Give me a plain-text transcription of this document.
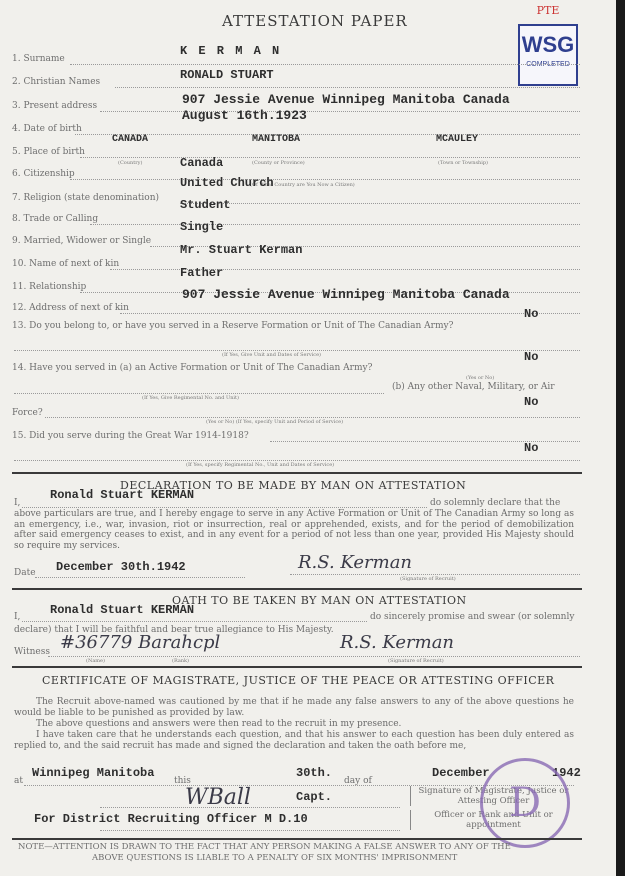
ATTESTATION PAPER
PTE
WSG
COMPLETED
1. Surname
K E R M A N
2. Christian Names	RONALD STUART
3. Present address	907 Jessie Avenue Winnipeg Manitoba Canada
4. Date of birth
August 16th.1923
5. Place of birth
CANADA	MANITOBA	MCAULEY
(Country)	(County or Province)	(Town or Township)
6. Citizenship
Canada
(Of What Country are You Now a Citizen)
7. Religion (state denomination)
United Church
8. Trade or Calling
Student
9. Married, Widower or Single
Single
10. Name of next of kin
Mr. Stuart Kerman
11. Relationship
Father
12. Address of next of kin
907 Jessie Avenue Winnipeg Manitoba Canada
13. Do you belong to, or have you served in a Reserve Formation or Unit of The Canadian Army?
No
(If Yes, Give Unit and Dates of Service)
14. Have you served in (a) an Active Formation or Unit of The Canadian Army?
No
(Yes or No)
(b) Any other Naval, Military, or Air
(If Yes, Give Regimental No. and Unit)	No
Force?
(Yes or No) (If Yes, specify Unit and Period of Service)
15. Did you serve during the Great War 1914-1918?
No
(If Yes, specify Regimental No., Unit and Dates of Service)
DECLARATION TO BE MADE BY MAN ON ATTESTATION
I,
Ronald Stuart KERMAN
do solemnly declare that the
above particulars are true, and I hereby engage to serve in any Active Formation or Unit of The Canadian Army so long as an emergency, i.e., war, invasion, riot or insurrection, real or apprehended, exists, and for the period of demobilization after said emergency ceases to exist, and in any event for a period of not less than one year, provided His Majesty should so require my services.
Date December 30th.1942	R.S. Kerman
(Signature of Recruit)
OATH TO BE TAKEN BY MAN ON ATTESTATION
I, Ronald Stuart KERMAN	do sincerely promise and swear (or solemnly
declare) that I will be faithful and bear true allegiance to His Majesty.
Witness #36779 Barahcpl	R.S. Kerman
(Name)	(Rank)	(Signature of Recruit)
CERTIFICATE OF MAGISTRATE, JUSTICE OF THE PEACE OR ATTESTING OFFICER
The Recruit above-named was cautioned by me that if he made any false answers to any of the above questions he would be liable to be punished as provided by law.
The above questions and answers were then read to the recruit in my presence.
I have taken care that he understands each question, and that his answer to each question has been duly entered as replied to, and the said recruit has made and signed the declaration and taken the oath before me,
at
Winnipeg Manitoba
this
30th.
day of
December	1942
WBall	Capt.
For District Recruiting Officer M D.10
Signature of Magistrate, Justice or Attesting Officer
Officer or Rank and Unit or appointment
D
NOTE—ATTENTION IS DRAWN TO THE FACT THAT ANY PERSON MAKING A FALSE ANSWER TO ANY OF THE
ABOVE QUESTIONS IS LIABLE TO A PENALTY OF SIX MONTHS' IMPRISONMENT
